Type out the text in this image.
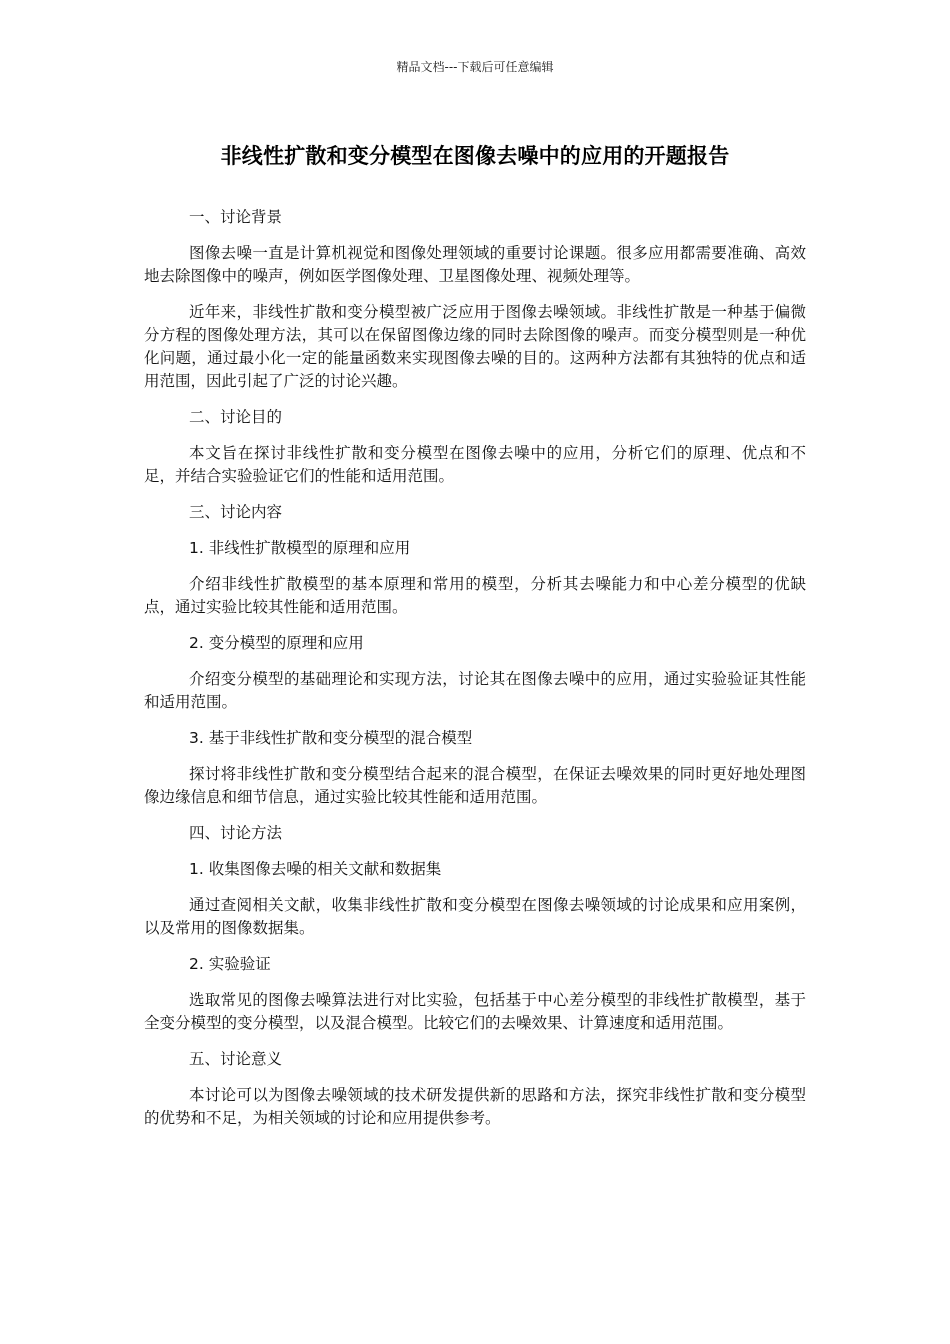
精品文档---下载后可任意编辑
非线性扩散和变分模型在图像去噪中的应用的开题报告

一、讨论背景

图像去噪一直是计算机视觉和图像处理领域的重要讨论课题。很多应用都需要准确、高效地去除图像中的噪声，例如医学图像处理、卫星图像处理、视频处理等。

近年来，非线性扩散和变分模型被广泛应用于图像去噪领域。非线性扩散是一种基于偏微分方程的图像处理方法，其可以在保留图像边缘的同时去除图像的噪声。而变分模型则是一种优化问题，通过最小化一定的能量函数来实现图像去噪的目的。这两种方法都有其独特的优点和适用范围，因此引起了广泛的讨论兴趣。

二、讨论目的

本文旨在探讨非线性扩散和变分模型在图像去噪中的应用，分析它们的原理、优点和不足，并结合实验验证它们的性能和适用范围。

三、讨论内容

1. 非线性扩散模型的原理和应用

介绍非线性扩散模型的基本原理和常用的模型，分析其去噪能力和中心差分模型的优缺点，通过实验比较其性能和适用范围。

2. 变分模型的原理和应用

介绍变分模型的基础理论和实现方法，讨论其在图像去噪中的应用，通过实验验证其性能和适用范围。

3. 基于非线性扩散和变分模型的混合模型

探讨将非线性扩散和变分模型结合起来的混合模型，在保证去噪效果的同时更好地处理图像边缘信息和细节信息，通过实验比较其性能和适用范围。

四、讨论方法

1. 收集图像去噪的相关文献和数据集

通过查阅相关文献，收集非线性扩散和变分模型在图像去噪领域的讨论成果和应用案例，以及常用的图像数据集。

2. 实验验证

选取常见的图像去噪算法进行对比实验，包括基于中心差分模型的非线性扩散模型，基于全变分模型的变分模型，以及混合模型。比较它们的去噪效果、计算速度和适用范围。

五、讨论意义

本讨论可以为图像去噪领域的技术研发提供新的思路和方法，探究非线性扩散和变分模型的优势和不足，为相关领域的讨论和应用提供参考。
